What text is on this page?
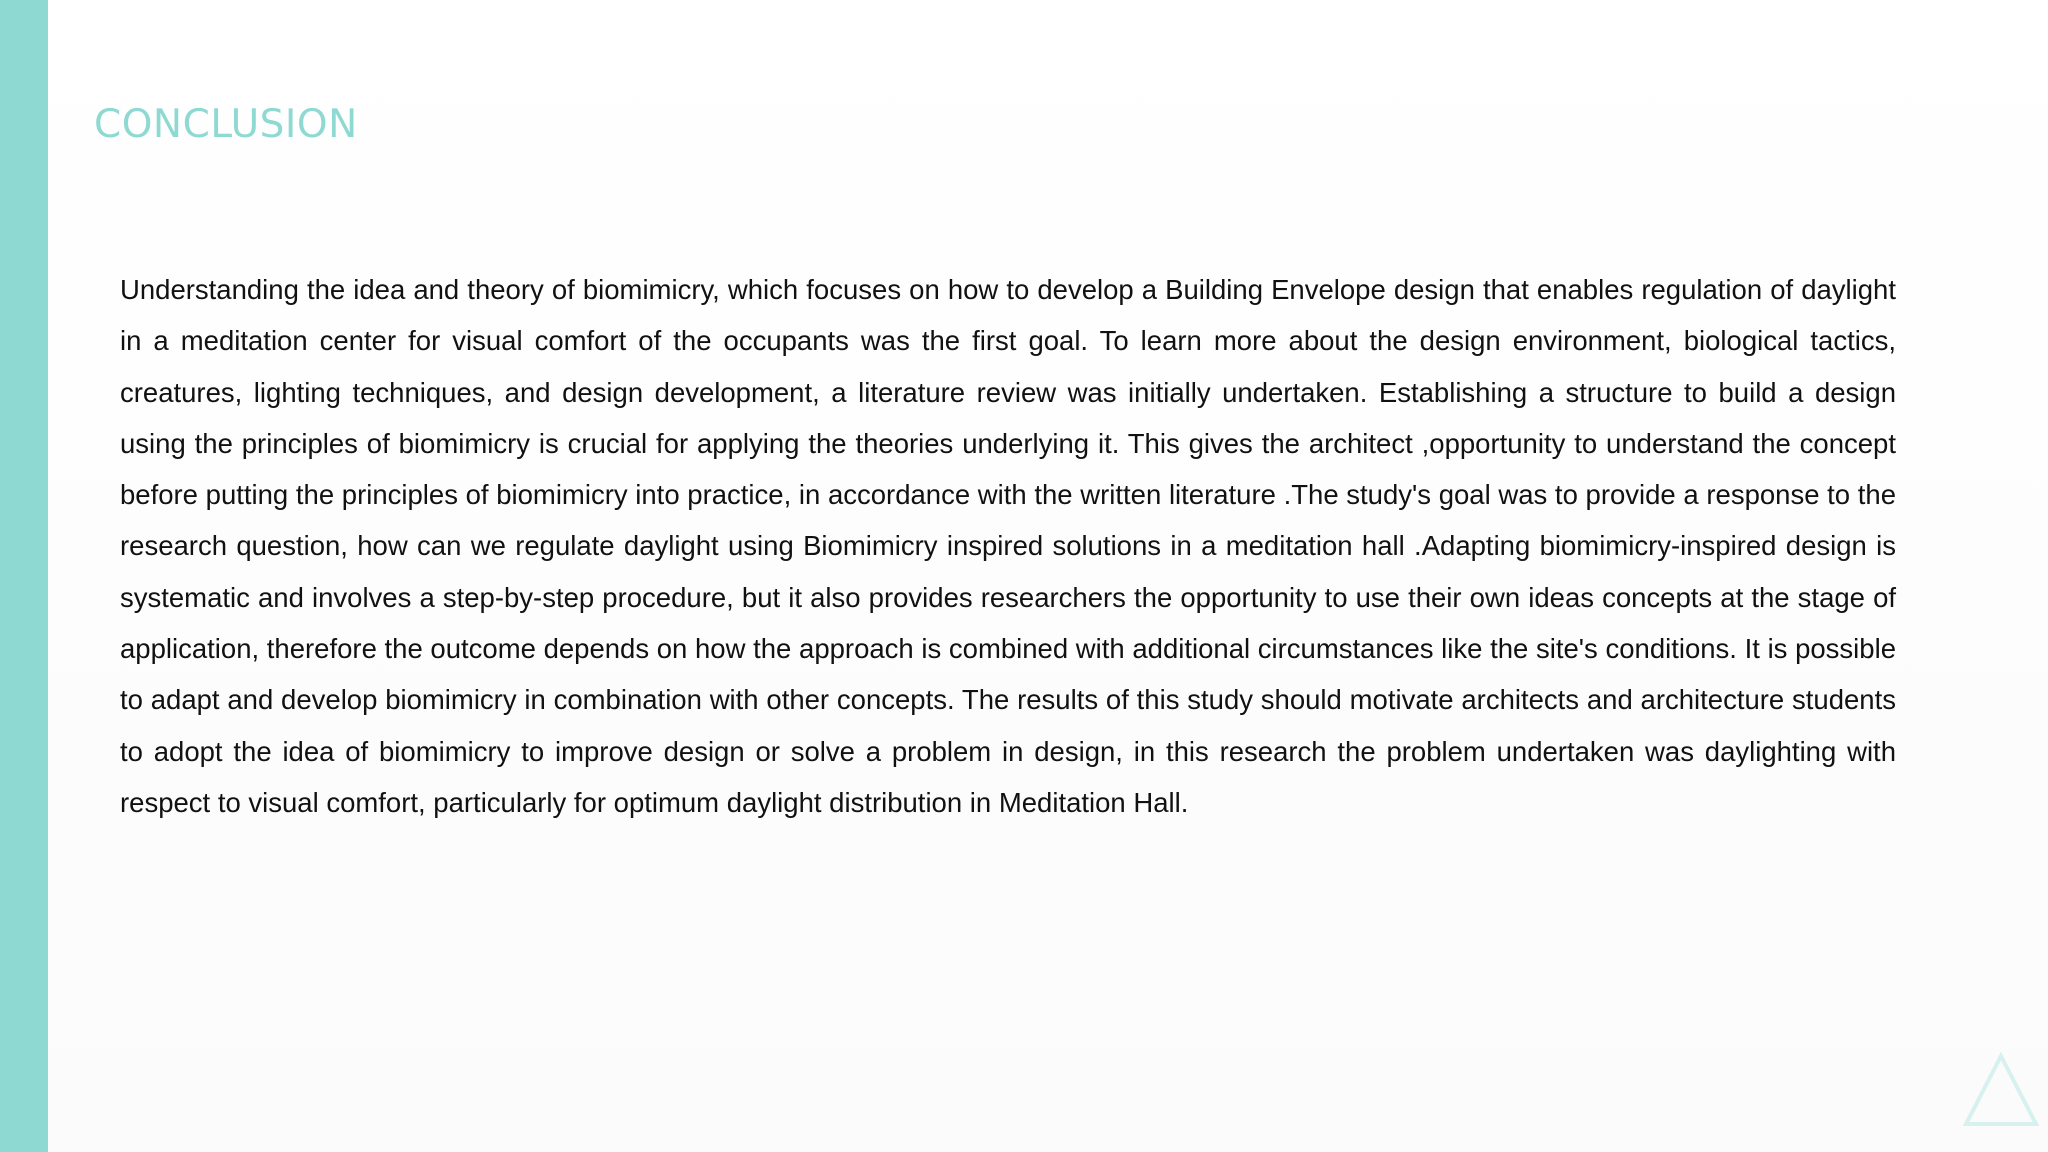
CONCLUSION

Understanding the idea and theory of biomimicry, which focuses on how to develop a Building Envelope design that enables regulation of daylight in a meditation center for visual comfort of the occupants was the first goal. To learn more about the design environment, biological tactics, creatures, lighting techniques, and design development, a literature review was initially undertaken. Establishing a structure to build a design using the principles of biomimicry is crucial for applying the theories underlying it. This gives the architect ,opportunity to understand the concept before putting the principles of biomimicry into practice, in accordance with the written literature .The study's goal was to provide a response to the research question, how can we regulate daylight using Biomimicry inspired solutions in a meditation hall .Adapting biomimicry-inspired design is systematic and involves a step-by-step procedure, but it also provides researchers the opportunity to use their own ideas concepts at the stage of application, therefore the outcome depends on how the approach is combined with additional circumstances like the site's conditions. It is possible to adapt and develop biomimicry in combination with other concepts. The results of this study should motivate architects and architecture students to adopt the idea of biomimicry to improve design or solve a problem in design, in this research the problem undertaken was daylighting with respect to visual comfort, particularly for optimum daylight distribution in Meditation Hall.
